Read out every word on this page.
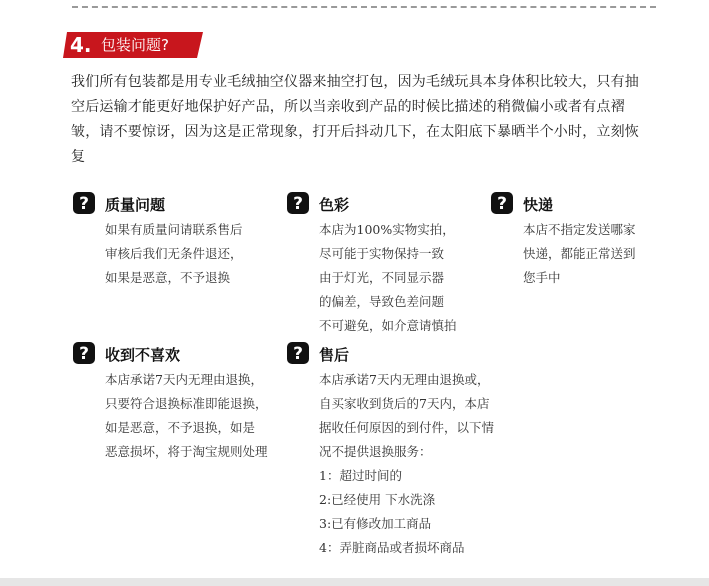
4. 包装问题?

我们所有包装都是用专业毛绒抽空仪器来抽空打包，因为毛绒玩具本身体积比较大，只有抽空后运输才能更好地保护好产品，所以当亲收到产品的时候比描述的稍微偏小或者有点褶皱，请不要惊讶，因为这是正常现象，打开后抖动几下，在太阳底下暴晒半个小时，立刻恢复

? 质量问题
如果有质量问请联系售后
审核后我们无条件退还，
如果是恶意，不予退换
? 色彩
本店为100%实物实拍，
尽可能于实物保持一致
由于灯光，不同显示器
的偏差，导致色差问题
不可避免，如介意请慎拍
? 快递
本店不指定发送哪家
快递，都能正常送到
您手中
? 收到不喜欢
本店承诺7天内无理由退换，
只要符合退换标准即能退换，
如是恶意，不予退换，如是
恶意损坏，将于淘宝规则处理
? 售后
本店承诺7天内无理由退换或，
自买家收到货后的7天内，本店
据收任何原因的到付件，以下情
况不提供退换服务：
1：超过时间的
2:已经使用 下水洗涤
3:已有修改加工商品
4：弄脏商品或者损坏商品
